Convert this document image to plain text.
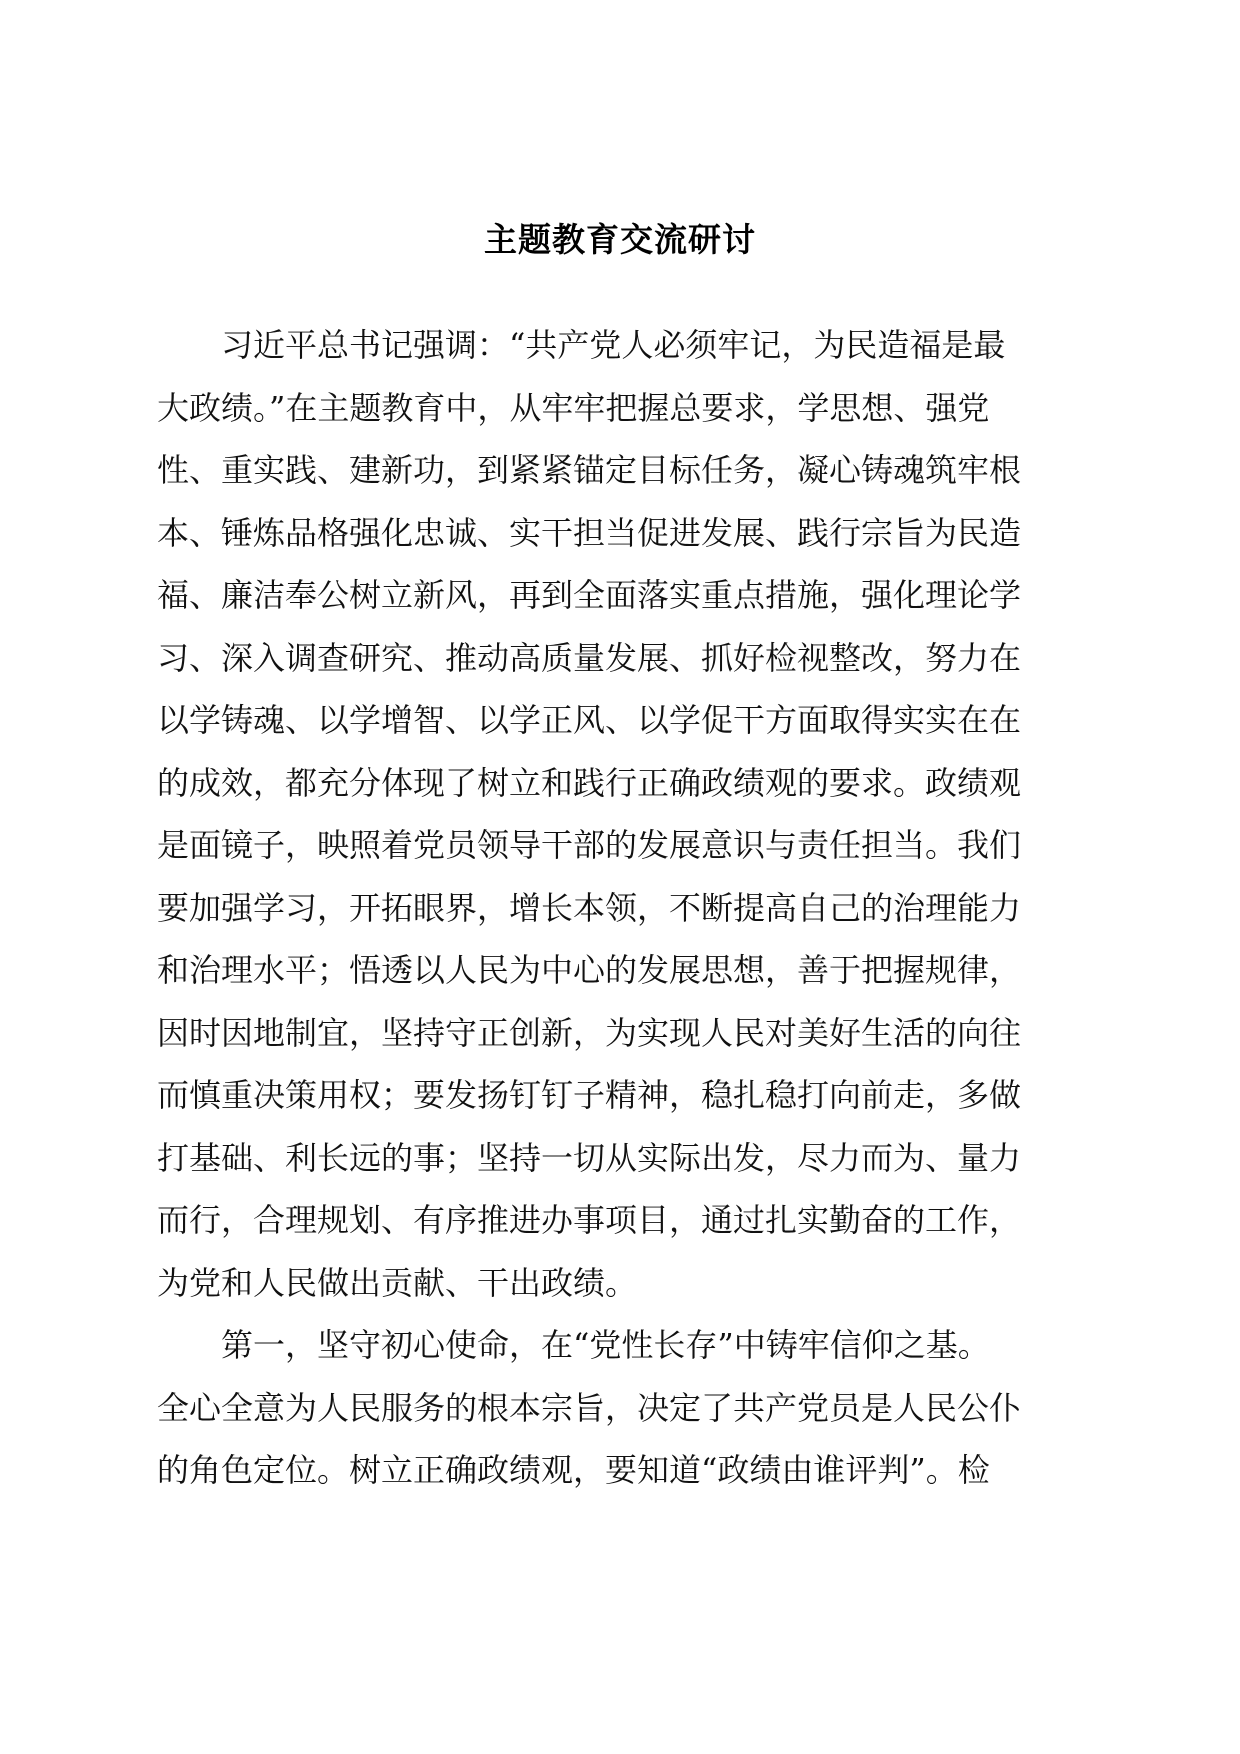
主题教育交流研讨
　　习近平总书记强调：“共产党人必须牢记，为民造福是最
大政绩。”在主题教育中，从牢牢把握总要求，学思想、强党
性、重实践、建新功，到紧紧锚定目标任务，凝心铸魂筑牢根
本、锤炼品格强化忠诚、实干担当促进发展、践行宗旨为民造
福、廉洁奉公树立新风，再到全面落实重点措施，强化理论学
习、深入调查研究、推动高质量发展、抓好检视整改，努力在
以学铸魂、以学增智、以学正风、以学促干方面取得实实在在
的成效，都充分体现了树立和践行正确政绩观的要求。政绩观
是面镜子，映照着党员领导干部的发展意识与责任担当。我们
要加强学习，开拓眼界，增长本领，不断提高自己的治理能力
和治理水平；悟透以人民为中心的发展思想，善于把握规律，
因时因地制宜，坚持守正创新，为实现人民对美好生活的向往
而慎重决策用权；要发扬钉钉子精神，稳扎稳打向前走，多做
打基础、利长远的事；坚持一切从实际出发，尽力而为、量力
而行，合理规划、有序推进办事项目，通过扎实勤奋的工作，
为党和人民做出贡献、干出政绩。
　　第一，坚守初心使命，在“党性长存”中铸牢信仰之基。
全心全意为人民服务的根本宗旨，决定了共产党员是人民公仆
的角色定位。树立正确政绩观，要知道“政绩由谁评判”。检
